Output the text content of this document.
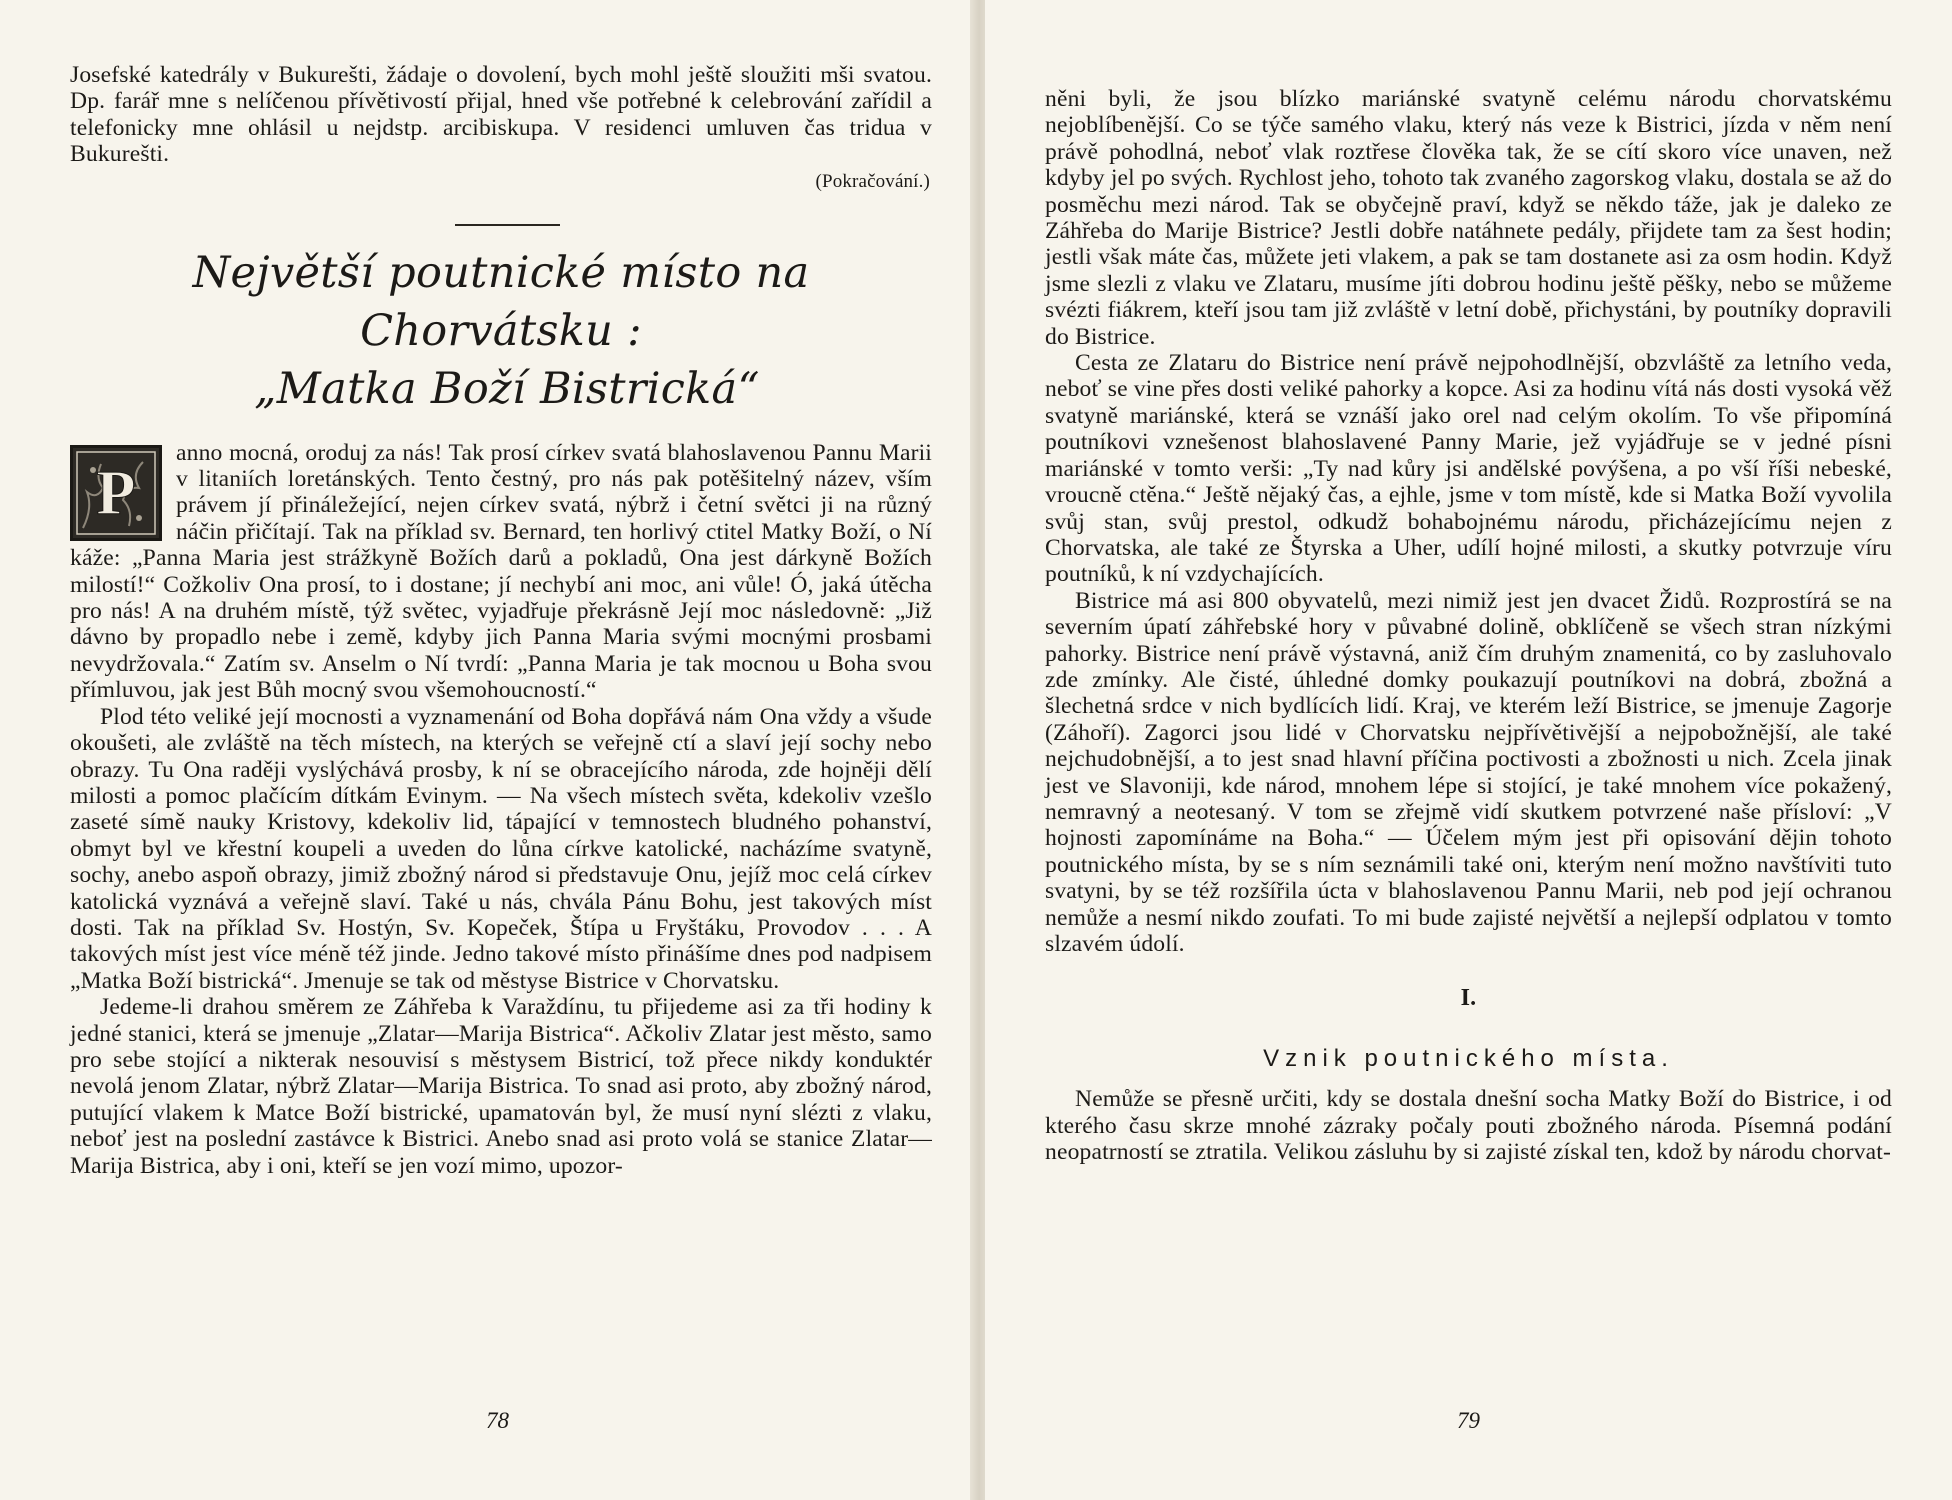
Josefské katedrály v Bukurešti, žádaje o dovolení, bych mohl ještě sloužiti mši svatou. Dp. farář mne s nelíčenou přívětivostí přijal, hned vše potřebné k celebrování zařídil a telefonicky mne ohlásil u nejdstp. arcibiskupa. V residenci umluven čas tridua v Bukurešti.

(Pokračování.)
Největší poutnické místo na Chorvátsku :
„Matka Boží Bistrická“

P
anno mocná, oroduj za nás! Tak prosí církev svatá blahoslavenou Pannu Marii v litaniích loretánských. Tento čestný, pro nás pak potěšitelný název, vším právem jí přináležející, nejen církev svatá, nýbrž i četní světci ji na různý náčin přičítají. Tak na příklad sv. Bernard, ten horlivý ctitel Matky Boží, o Ní káže: „Panna Maria jest strážkyně Božích darů a pokladů, Ona jest dárkyně Božích milostí!“ Cožkoliv Ona prosí, to i dostane; jí nechybí ani moc, ani vůle! Ó, jaká útěcha pro nás! A na druhém místě, týž světec, vyjadřuje překrásně Její moc následovně: „Již dávno by propadlo nebe i země, kdyby jich Panna Maria svými mocnými prosbami nevydržovala.“ Zatím sv. Anselm o Ní tvrdí: „Panna Maria je tak mocnou u Boha svou přímluvou, jak jest Bůh mocný svou všemohoucností.“

Plod této veliké její mocnosti a vyznamenání od Boha dopřává nám Ona vždy a všude okoušeti, ale zvláště na těch místech, na kterých se veřejně ctí a slaví její sochy nebo obrazy. Tu Ona raději vyslýchává prosby, k ní se obracejícího národa, zde hojněji dělí milosti a pomoc plačícím dítkám Evinym. — Na všech místech světa, kdekoliv vzešlo zaseté símě nauky Kristovy, kdekoliv lid, tápající v temnostech bludného pohanství, obmyt byl ve křestní koupeli a uveden do lůna církve katolické, nacházíme svatyně, sochy, anebo aspoň obrazy, jimiž zbožný národ si představuje Onu, jejíž moc celá církev katolická vyznává a veřejně slaví. Také u nás, chvála Pánu Bohu, jest takových míst dosti. Tak na příklad Sv. Hostýn, Sv. Kopeček, Štípa u Fryštáku, Provodov . . . A takových míst jest více méně též jinde. Jedno takové místo přinášíme dnes pod nadpisem „Matka Boží bistrická“. Jmenuje se tak od městyse Bistrice v Chorvatsku.

Jedeme-li drahou směrem ze Záhřeba k Varaždínu, tu přijedeme asi za tři hodiny k jedné stanici, která se jmenuje „Zlatar—Marija Bistrica“. Ačkoliv Zlatar jest město, samo pro sebe stojící a nikterak nesouvisí s městysem Bistricí, tož přece nikdy konduktér nevolá jenom Zlatar, nýbrž Zlatar—Marija Bistrica. To snad asi proto, aby zbožný národ, putující vlakem k Matce Boží bistrické, upamatován byl, že musí nyní slézti z vlaku, neboť jest na poslední zastávce k Bistrici. Anebo snad asi proto volá se stanice Zlatar—Marija Bistrica, aby i oni, kteří se jen vozí mimo, upozor-

78

něni byli, že jsou blízko mariánské svatyně celému národu chorvatskému nejoblíbenější. Co se týče samého vlaku, který nás veze k Bistrici, jízda v něm není právě pohodlná, neboť vlak roztřese člověka tak, že se cítí skoro více unaven, než kdyby jel po svých. Rychlost jeho, tohoto tak zvaného zagorskog vlaku, dostala se až do posměchu mezi národ. Tak se obyčejně praví, když se někdo táže, jak je daleko ze Záhřeba do Marije Bistrice? Jestli dobře natáhnete pedály, přijdete tam za šest hodin; jestli však máte čas, můžete jeti vlakem, a pak se tam dostanete asi za osm hodin. Když jsme slezli z vlaku ve Zlataru, musíme jíti dobrou hodinu ještě pěšky, nebo se můžeme svézti fiákrem, kteří jsou tam již zvláště v letní době, přichystáni, by poutníky dopravili do Bistrice.

Cesta ze Zlataru do Bistrice není právě nejpohodlnější, obzvláště za letního veda, neboť se vine přes dosti veliké pahorky a kopce. Asi za hodinu vítá nás dosti vysoká věž svatyně mariánské, která se vznáší jako orel nad celým okolím. To vše připomíná poutníkovi vznešenost blahoslavené Panny Marie, jež vyjádřuje se v jedné písni mariánské v tomto verši: „Ty nad kůry jsi andělské povýšena, a po vší říši nebeské, vroucně ctěna.“ Ještě nějaký čas, a ejhle, jsme v tom místě, kde si Matka Boží vyvolila svůj stan, svůj prestol, odkudž bohabojnému národu, přicházejícímu nejen z Chorvatska, ale také ze Štyrska a Uher, udílí hojné milosti, a skutky potvrzuje víru poutníků, k ní vzdychajících.

Bistrice má asi 800 obyvatelů, mezi nimiž jest jen dvacet Židů. Rozprostírá se na severním úpatí záhřebské hory v půvabné dolině, obklíčeně se všech stran nízkými pahorky. Bistrice není právě výstavná, aniž čím druhým znamenitá, co by zasluhovalo zde zmínky. Ale čisté, úhledné domky poukazují poutníkovi na dobrá, zbožná a šlechetná srdce v nich bydlících lidí. Kraj, ve kterém leží Bistrice, se jmenuje Zagorje (Záhoří). Zagorci jsou lidé v Chorvatsku nejpřívětivější a nejpobožnější, ale také nejchudobnější, a to jest snad hlavní příčina poctivosti a zbožnosti u nich. Zcela jinak jest ve Slavoniji, kde národ, mnohem lépe si stojící, je také mnohem více pokažený, nemravný a neotesaný. V tom se zřejmě vidí skutkem potvrzené naše přísloví: „V hojnosti zapomínáme na Boha.“ — Účelem mým jest při opisování dějin tohoto poutnického místa, by se s ním seznámili také oni, kterým není možno navštíviti tuto svatyni, by se též rozšířila úcta v blahoslavenou Pannu Marii, neb pod její ochranou nemůže a nesmí nikdo zoufati. To mi bude zajisté největší a nejlepší odplatou v tomto slzavém údolí.

I.
Vznik poutnického místa.

Nemůže se přesně určiti, kdy se dostala dnešní socha Matky Boží do Bistrice, i od kterého času skrze mnohé zázraky počaly pouti zbožného národa. Písemná podání neopatrností se ztratila. Velikou zásluhu by si zajisté získal ten, kdož by národu chorvat-

79
